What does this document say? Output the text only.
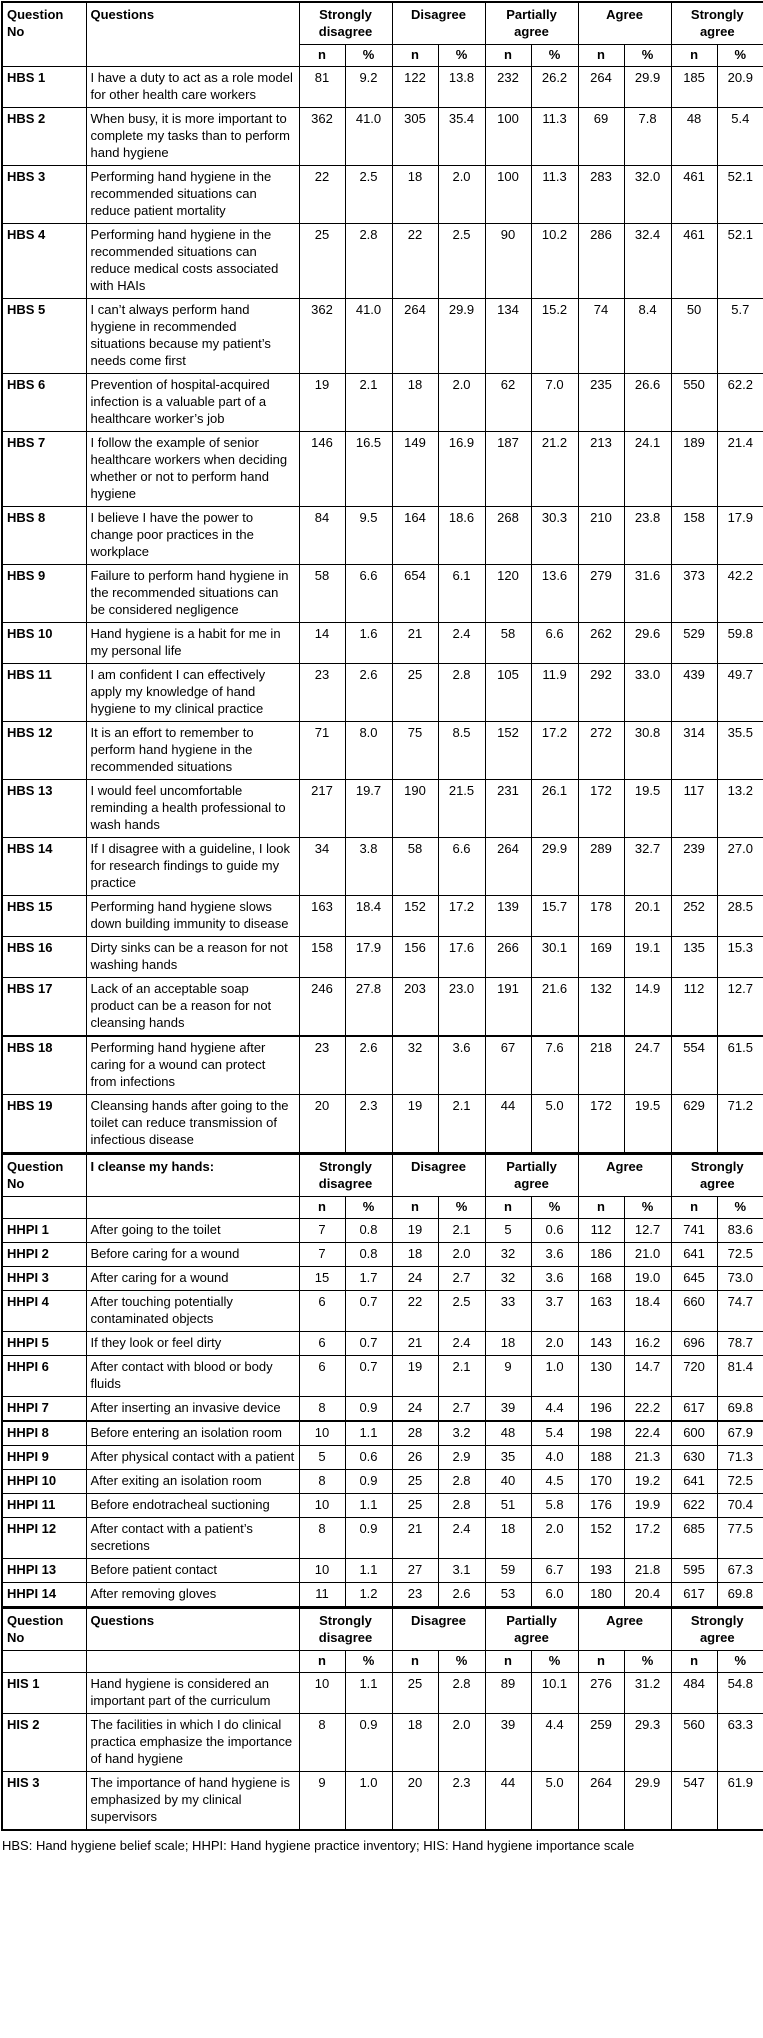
Question No	Questions	Strongly disagree		Disagree		Partially agree		Agree		Strongly agree	
		n	%	n	%	n	%	n	%	n	%
HBS 1	I have a duty to act as a role model for other health care workers	81	9.2	122	13.8	232	26.2	264	29.9	185	20.9
HBS 2	When busy, it is more important to complete my tasks than to perform hand hygiene	362	41.0	305	35.4	100	11.3	69	7.8	48	5.4
HBS 3	Performing hand hygiene in the recommended situations can reduce patient mortality	22	2.5	18	2.0	100	11.3	283	32.0	461	52.1
HBS 4	Performing hand hygiene in the recommended situations can reduce medical costs associated with HAIs	25	2.8	22	2.5	90	10.2	286	32.4	461	52.1
HBS 5	I can’t always perform hand hygiene in recommended situations because my patient’s needs come first	362	41.0	264	29.9	134	15.2	74	8.4	50	5.7
HBS 6	Prevention of hospital-acquired infection is a valuable part of a healthcare worker’s job	19	2.1	18	2.0	62	7.0	235	26.6	550	62.2
HBS 7	I follow the example of senior healthcare workers when deciding whether or not to perform hand hygiene	146	16.5	149	16.9	187	21.2	213	24.1	189	21.4
HBS 8	I believe I have the power to change poor practices in the workplace	84	9.5	164	18.6	268	30.3	210	23.8	158	17.9
HBS 9	Failure to perform hand hygiene in the recommended situations can be considered negligence	58	6.6	654	6.1	120	13.6	279	31.6	373	42.2
HBS 10	Hand hygiene is a habit for me in my personal life	14	1.6	21	2.4	58	6.6	262	29.6	529	59.8
HBS 11	I am confident I can effectively apply my knowledge of hand hygiene to my clinical practice	23	2.6	25	2.8	105	11.9	292	33.0	439	49.7
HBS 12	It is an effort to remember to perform hand hygiene in the recommended situations	71	8.0	75	8.5	152	17.2	272	30.8	314	35.5
HBS 13	I would feel uncomfortable reminding a health professional to wash hands	217	19.7	190	21.5	231	26.1	172	19.5	117	13.2
HBS 14	If I disagree with a guideline, I look for research findings to guide my practice	34	3.8	58	6.6	264	29.9	289	32.7	239	27.0
HBS 15	Performing hand hygiene slows down building immunity to disease	163	18.4	152	17.2	139	15.7	178	20.1	252	28.5
HBS 16	Dirty sinks can be a reason for not washing hands	158	17.9	156	17.6	266	30.1	169	19.1	135	15.3
HBS 17	Lack of an acceptable soap product can be a reason for not cleansing hands	246	27.8	203	23.0	191	21.6	132	14.9	112	12.7
HBS 18	Performing hand hygiene after caring for a wound can protect from infections	23	2.6	32	3.6	67	7.6	218	24.7	554	61.5
HBS 19	Cleansing hands after going to the toilet can reduce transmission of infectious disease	20	2.3	19	2.1	44	5.0	172	19.5	629	71.2
Question No	I cleanse my hands:	Strongly disagree		Disagree		Partially agree		Agree		Strongly agree	
		n	%	n	%	n	%	n	%	n	%
HHPI 1	After going to the toilet	7	0.8	19	2.1	5	0.6	112	12.7	741	83.6
HHPI 2	Before caring for a wound	7	0.8	18	2.0	32	3.6	186	21.0	641	72.5
HHPI 3	After caring for a wound	15	1.7	24	2.7	32	3.6	168	19.0	645	73.0
HHPI 4	After touching potentially contaminated objects	6	0.7	22	2.5	33	3.7	163	18.4	660	74.7
HHPI 5	If they look or feel dirty	6	0.7	21	2.4	18	2.0	143	16.2	696	78.7
HHPI 6	After contact with blood or body fluids	6	0.7	19	2.1	9	1.0	130	14.7	720	81.4
HHPI 7	After inserting an invasive device	8	0.9	24	2.7	39	4.4	196	22.2	617	69.8
HHPI 8	Before entering an isolation room	10	1.1	28	3.2	48	5.4	198	22.4	600	67.9
HHPI 9	After physical contact with a patient	5	0.6	26	2.9	35	4.0	188	21.3	630	71.3
HHPI 10	After exiting an isolation room	8	0.9	25	2.8	40	4.5	170	19.2	641	72.5
HHPI 11	Before endotracheal suctioning	10	1.1	25	2.8	51	5.8	176	19.9	622	70.4
HHPI 12	After contact with a patient’s secretions	8	0.9	21	2.4	18	2.0	152	17.2	685	77.5
HHPI 13	Before patient contact	10	1.1	27	3.1	59	6.7	193	21.8	595	67.3
HHPI 14	After removing gloves	11	1.2	23	2.6	53	6.0	180	20.4	617	69.8
Question No	Questions	Strongly disagree		Disagree		Partially agree		Agree		Strongly agree	
		n	%	n	%	n	%	n	%	n	%
HIS 1	Hand hygiene is considered an important part of the curriculum	10	1.1	25	2.8	89	10.1	276	31.2	484	54.8
HIS 2	The facilities in which I do clinical practica emphasize the importance of hand hygiene	8	0.9	18	2.0	39	4.4	259	29.3	560	63.3
HIS 3	The importance of hand hygiene is emphasized by my clinical supervisors	9	1.0	20	2.3	44	5.0	264	29.9	547	61.9
HBS: Hand hygiene belief scale; HHPI: Hand hygiene practice inventory; HIS: Hand hygiene importance scale
